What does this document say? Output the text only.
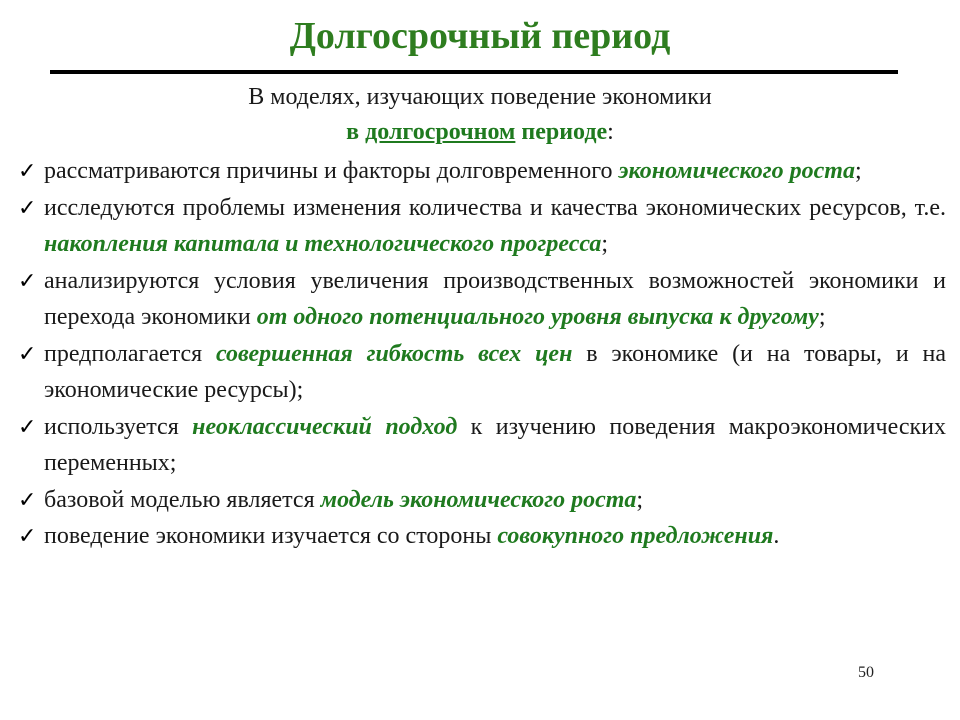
Долгосрочный период
В моделях, изучающих поведение экономики
в долгосрочном периоде:
✓ рассматриваются причины и факторы долговременного экономического роста;
✓ исследуются проблемы изменения количества и качества экономических ресурсов, т.е. накопления капитала и технологического прогресса;
✓ анализируются условия увеличения производственных возможностей экономики и перехода экономики от одного потенциального уровня выпуска к другому;
✓ предполагается совершенная гибкость всех цен в экономике (и на товары, и на экономические ресурсы);
✓ используется неоклассический подход к изучению поведения макроэкономических переменных;
✓ базовой моделью является модель экономического роста;
✓ поведение экономики изучается со стороны совокупного предложения.
50
